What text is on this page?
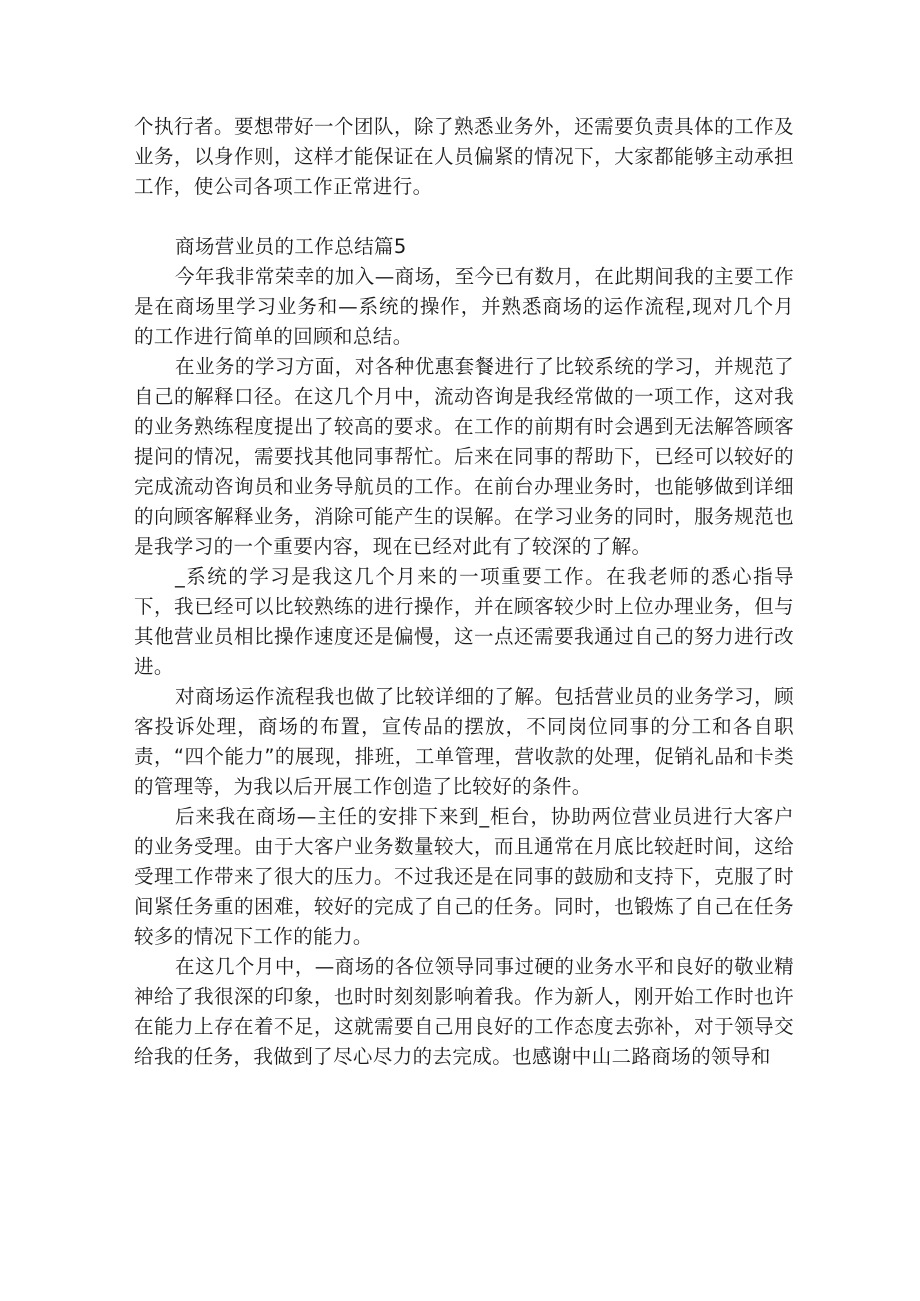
个执行者。要想带好一个团队，除了熟悉业务外，还需要负责具体的工作及业务，以身作则，这样才能保证在人员偏紧的情况下，大家都能够主动承担工作，使公司各项工作正常进行。

商场营业员的工作总结篇5

今年我非常荣幸的加入—商场，至今已有数月，在此期间我的主要工作是在商场里学习业务和—系统的操作，并熟悉商场的运作流程,现对几个月的工作进行简单的回顾和总结。

在业务的学习方面，对各种优惠套餐进行了比较系统的学习，并规范了自己的解释口径。在这几个月中，流动咨询是我经常做的一项工作，这对我的业务熟练程度提出了较高的要求。在工作的前期有时会遇到无法解答顾客提问的情况，需要找其他同事帮忙。后来在同事的帮助下，已经可以较好的完成流动咨询员和业务导航员的工作。在前台办理业务时，也能够做到详细的向顾客解释业务，消除可能产生的误解。在学习业务的同时，服务规范也是我学习的一个重要内容，现在已经对此有了较深的了解。

_系统的学习是我这几个月来的一项重要工作。在我老师的悉心指导下，我已经可以比较熟练的进行操作，并在顾客较少时上位办理业务，但与其他营业员相比操作速度还是偏慢，这一点还需要我通过自己的努力进行改进。

对商场运作流程我也做了比较详细的了解。包括营业员的业务学习，顾客投诉处理，商场的布置，宣传品的摆放，不同岗位同事的分工和各自职责，“四个能力”的展现，排班，工单管理，营收款的处理，促销礼品和卡类的管理等，为我以后开展工作创造了比较好的条件。

后来我在商场—主任的安排下来到_柜台，协助两位营业员进行大客户的业务受理。由于大客户业务数量较大，而且通常在月底比较赶时间，这给受理工作带来了很大的压力。不过我还是在同事的鼓励和支持下，克服了时间紧任务重的困难，较好的完成了自己的任务。同时，也锻炼了自己在任务较多的情况下工作的能力。

在这几个月中，—商场的各位领导同事过硬的业务水平和良好的敬业精神给了我很深的印象，也时时刻刻影响着我。作为新人，刚开始工作时也许在能力上存在着不足，这就需要自己用良好的工作态度去弥补，对于领导交给我的任务，我做到了尽心尽力的去完成。也感谢中山二路商场的领导和
